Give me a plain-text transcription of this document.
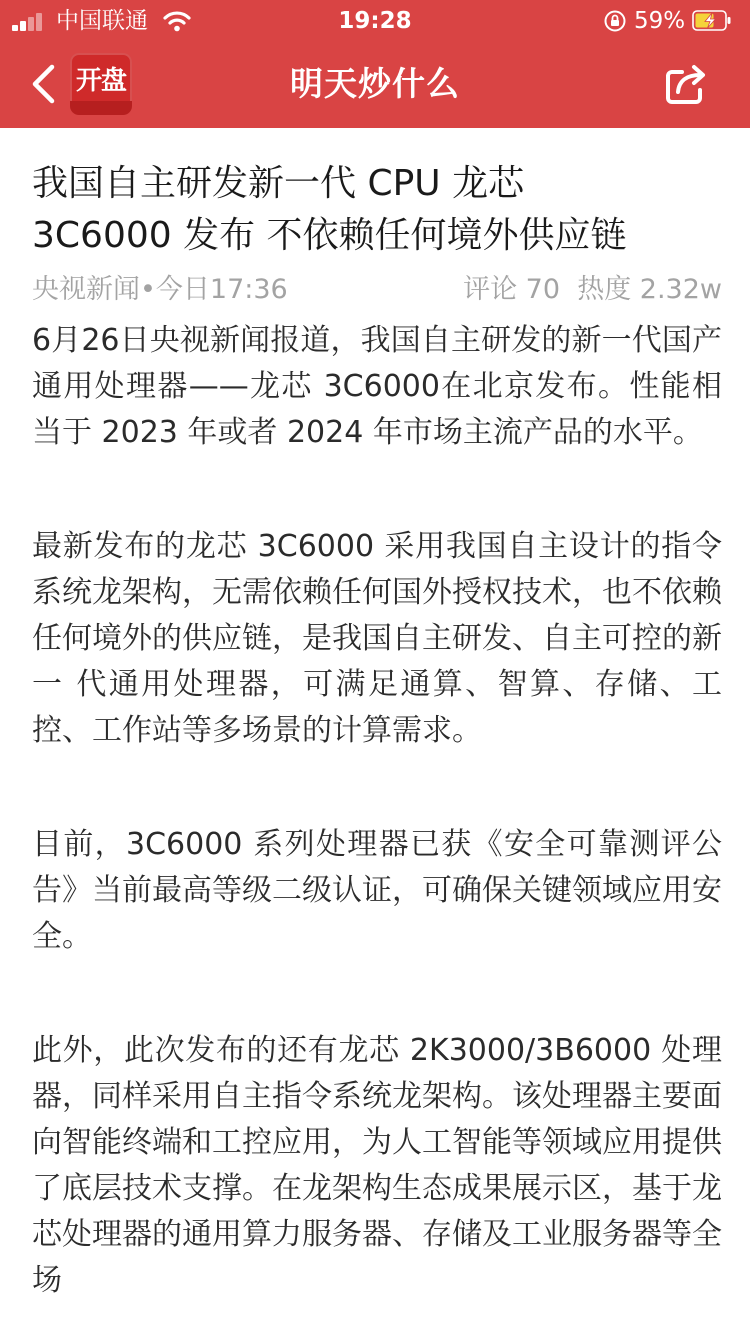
中国联通	19:28	59%
开盘	明天炒什么
我国自主研发新一代 CPU 龙芯
3C6000 发布 不依赖任何境外供应链
央视新闻•今日17:36	评论 70 热度 2.32w

6月26日央视新闻报道，我国自主研发的新一代国产通用处理器——龙芯 3C6000在北京发布。性能相当于 2023 年或者 2024 年市场主流产品的水平。

最新发布的龙芯 3C6000 采用我国自主设计的指令系统龙架构，无需依赖任何国外授权技术，也不依赖任何境外的供应链，是我国自主研发、自主可控的新一 代通用处理器，可满足通算、智算、存储、工控、工作站等多场景的计算需求。

目前，3C6000 系列处理器已获《安全可靠测评公告》当前最高等级二级认证，可确保关键领域应用安全。

此外，此次发布的还有龙芯 2K3000/3B6000 处理器，同样采用自主指令系统龙架构。该处理器主要面向智能终端和工控应用，为人工智能等领域应用提供了底层技术支撑。在龙架构生态成果展示区，基于龙芯处理器的通用算力服务器、存储及工业服务器等全场
